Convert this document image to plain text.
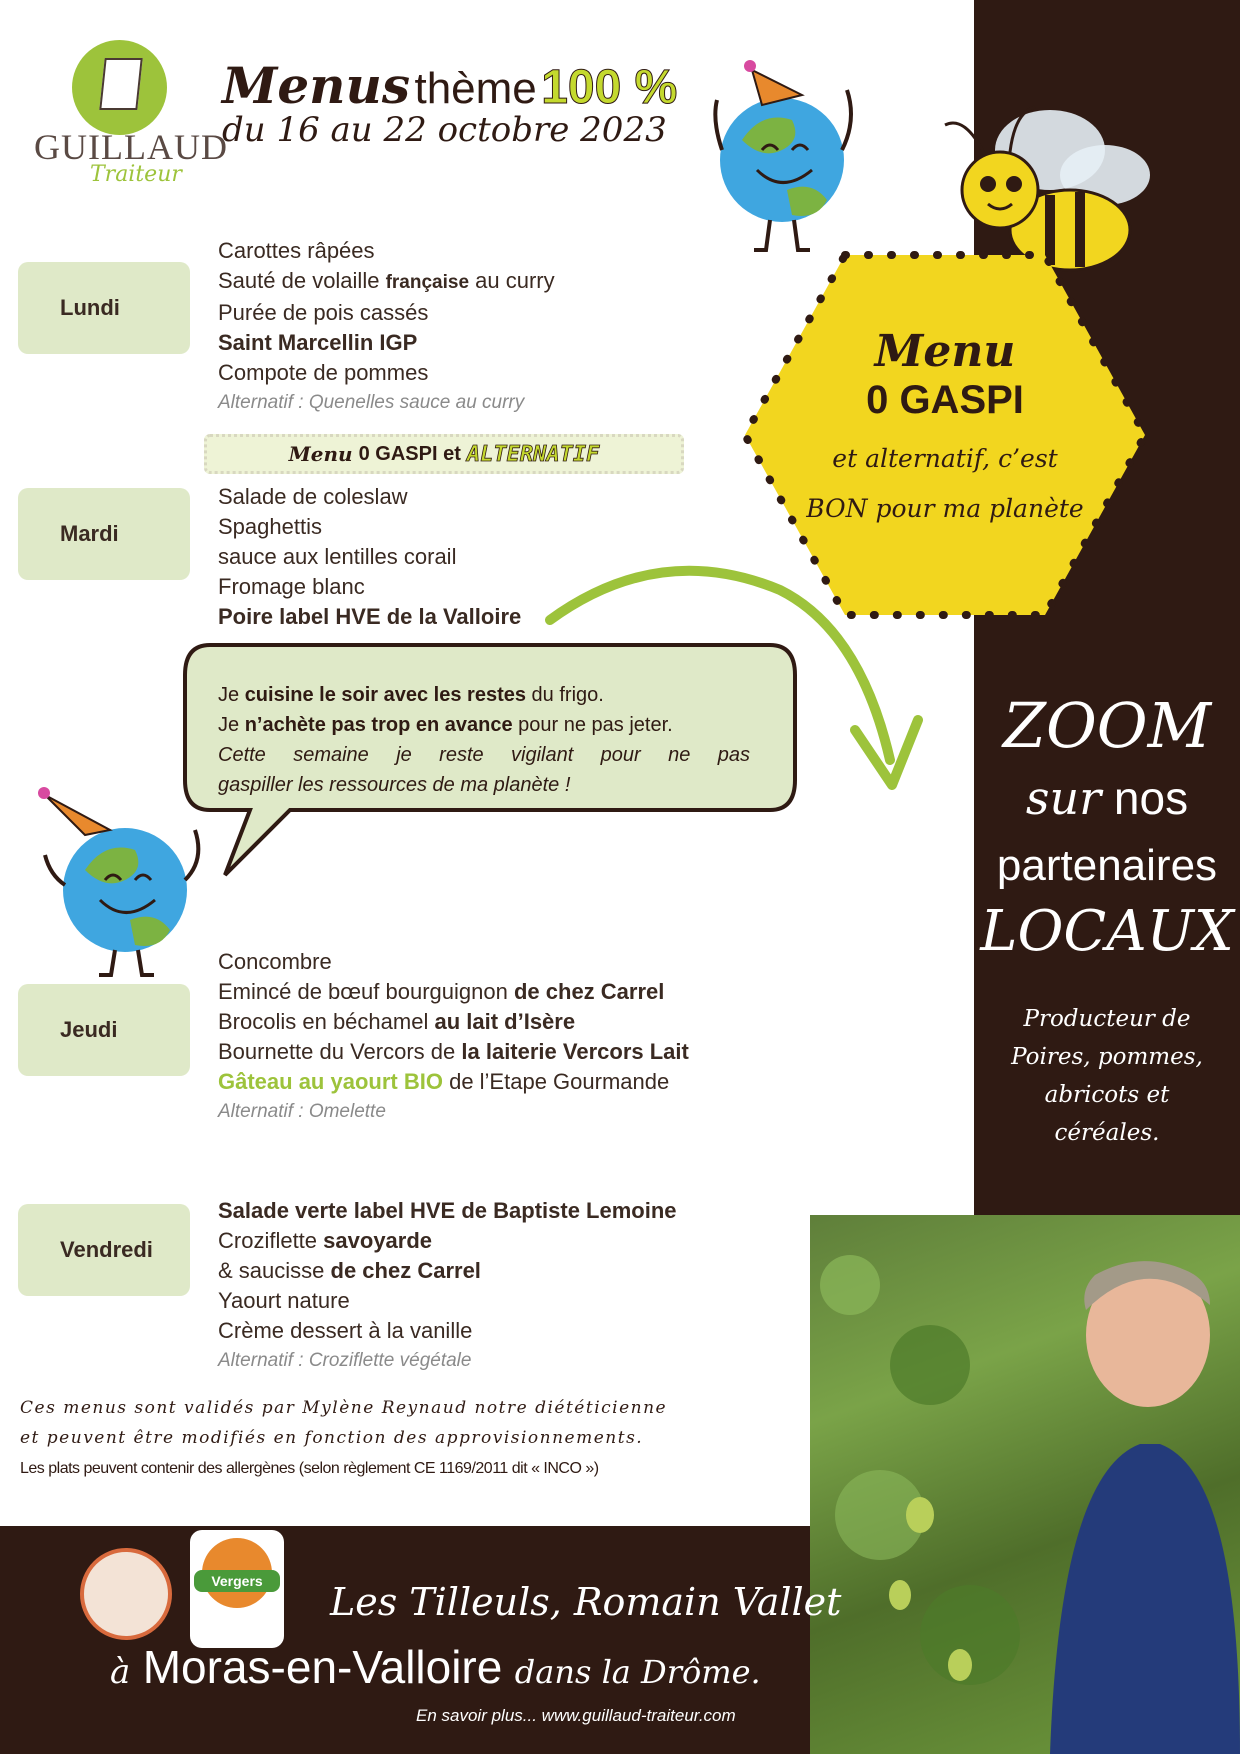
GUILLAUD
Traiteur
Menus thème 100 %
du 16 au 22 octobre 2023
Menu
0 GASPI
et alternatif, c’est
BON pour ma planète
Lundi
Carottes râpées
Sauté de volaille française au curry
Purée de pois cassés
Saint Marcellin IGP
Compote de pommes
Alternatif : Quenelles sauce au curry
Menu 0 GASPI et ALTERNATIF
Mardi
Salade de coleslaw
Spaghettis
sauce aux lentilles corail
Fromage blanc
Poire label HVE de la Valloire
Je cuisine le soir avec les restes du frigo.
Je n’achète pas trop en avance pour ne pas jeter.
Cette semaine je reste vigilant pour ne pas
gaspiller les ressources de ma planète !
Jeudi
Concombre
Emincé de bœuf bourguignon de chez Carrel
Brocolis en béchamel au lait d’Isère
Bournette du Vercors de la laiterie Vercors Lait
Gâteau au yaourt BIO de l’Etape Gourmande
Alternatif : Omelette
Vendredi
Salade verte label HVE de Baptiste Lemoine
Croziflette savoyarde
& saucisse de chez Carrel
Yaourt nature
Crème dessert à la vanille
Alternatif : Croziflette végétale
ZOOM
sur nos
partenaires
LOCAUX
Producteur de
Poires, pommes,
abricots et
céréales.
Ces menus sont validés par Mylène Reynaud notre diététicienne
et peuvent être modifiés en fonction des approvisionnements.
Les plats peuvent contenir des allergènes (selon règlement CE 1169/2011 dit « INCO »)
Vergers	Les Tilleuls, Romain Vallet
à Moras-en-Valloire dans la Drôme.
En savoir plus... www.guillaud-traiteur.com
